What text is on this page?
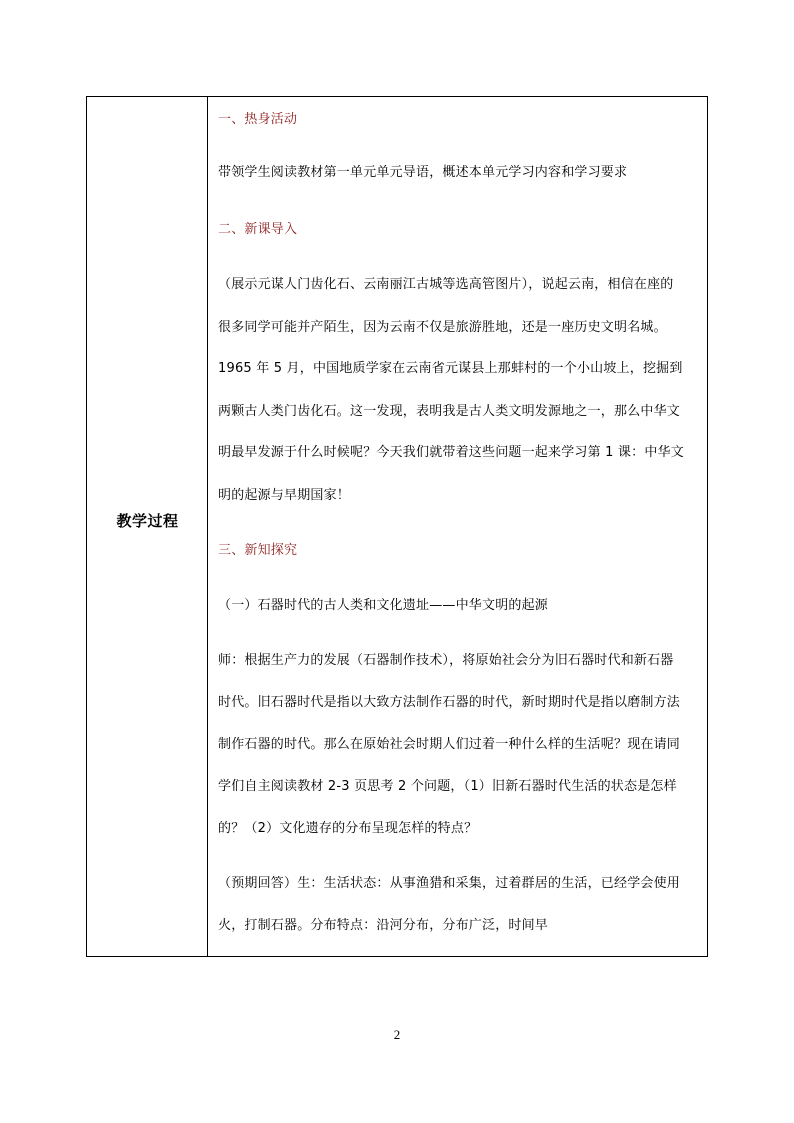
教学过程
一、热身活动
带领学生阅读教材第一单元单元导语，概述本单元学习内容和学习要求
二、新课导入
（展示元谋人门齿化石、云南丽江古城等选高管图片），说起云南，相信在座的
很多同学可能并产陌生，因为云南不仅是旅游胜地，还是一座历史文明名城。
1965 年 5 月，中国地质学家在云南省元谋县上那蚌村的一个小山坡上，挖掘到
两颗古人类门齿化石。这一发现，表明我是古人类文明发源地之一，那么中华文
明最早发源于什么时候呢？今天我们就带着这些问题一起来学习第 1 课：中华文
明的起源与早期国家！
三、新知探究
（一）石器时代的古人类和文化遗址——中华文明的起源
师：根据生产力的发展（石器制作技术），将原始社会分为旧石器时代和新石器
时代。旧石器时代是指以大致方法制作石器的时代，新时期时代是指以磨制方法
制作石器的时代。那么在原始社会时期人们过着一种什么样的生活呢？现在请同
学们自主阅读教材 2-3 页思考 2 个问题，（1）旧新石器时代生活的状态是怎样
的？（2）文化遗存的分布呈现怎样的特点？
（预期回答）生：生活状态：从事渔猎和采集，过着群居的生活，已经学会使用
火，打制石器。分布特点：沿河分布，分布广泛，时间早
2
